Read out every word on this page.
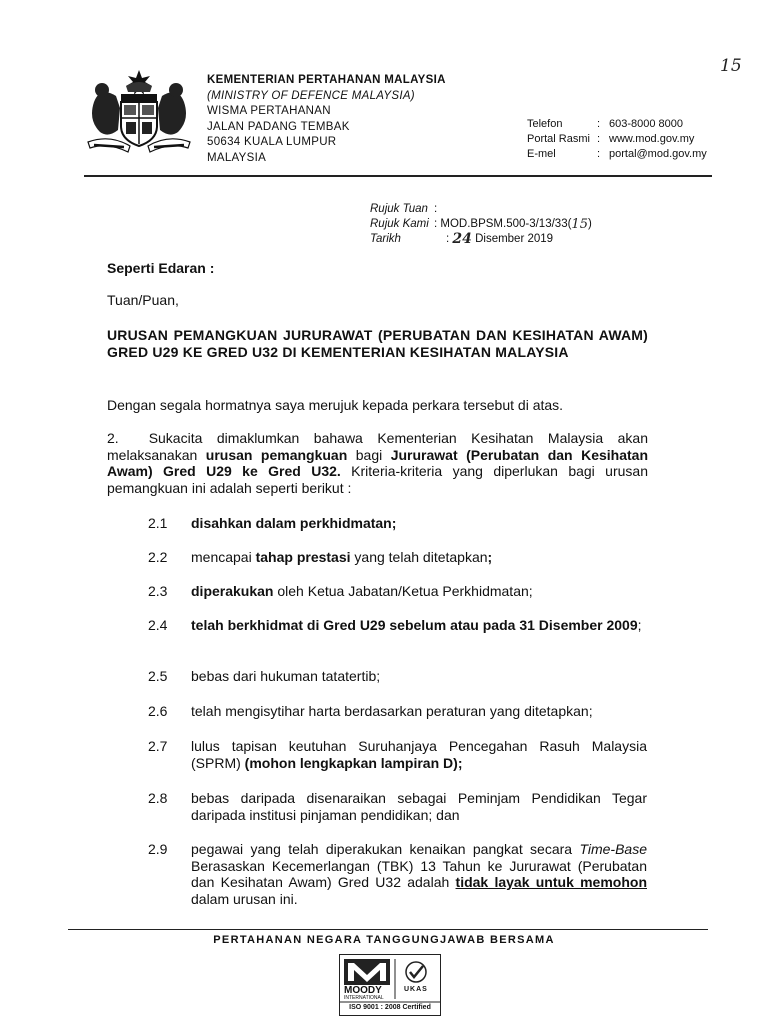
15
KEMENTERIAN PERTAHANAN MALAYSIA
(MINISTRY OF DEFENCE MALAYSIA)
WISMA PERTAHANAN
JALAN PADANG TEMBAK
50634 KUALA LUMPUR
MALAYSIA
Telefon	: 603-8000 8000
Portal Rasmi : www.mod.gov.my
E-mel	: portal@mod.gov.my
Rujuk Tuan :
Rujuk Kami : MOD.BPSM.500-3/13/33( 15 )
Tarikh	: 24
Disember 2019
Seperti Edaran :
Tuan/Puan,
URUSAN PEMANGKUAN JURURAWAT (PERUBATAN DAN KESIHATAN AWAM) GRED U29 KE GRED U32 DI KEMENTERIAN KESIHATAN MALAYSIA
Dengan segala hormatnya saya merujuk kepada perkara tersebut di atas.
2. Sukacita dimaklumkan bahawa Kementerian Kesihatan Malaysia akan melaksanakan urusan pemangkuan bagi Jururawat (Perubatan dan Kesihatan Awam) Gred U29 ke Gred U32. Kriteria-kriteria yang diperlukan bagi urusan pemangkuan ini adalah seperti berikut :
2.1 disahkan dalam perkhidmatan;
2.2 mencapai tahap prestasi yang telah ditetapkan;
2.3 diperakukan oleh Ketua Jabatan/Ketua Perkhidmatan;
2.4 telah berkhidmat di Gred U29 sebelum atau pada 31 Disember 2009;
2.5 bebas dari hukuman tatatertib;
2.6 telah mengisytihar harta berdasarkan peraturan yang ditetapkan;
2.7 lulus tapisan keutuhan Suruhanjaya Pencegahan Rasuh Malaysia (SPRM) (mohon lengkapkan lampiran D);
2.8 bebas daripada disenaraikan sebagai Peminjam Pendidikan Tegar daripada institusi pinjaman pendidikan; dan
2.9 pegawai yang telah diperakukan kenaikan pangkat secara Time-Base Berasaskan Kecemerlangan (TBK) 13 Tahun ke Jururawat (Perubatan dan Kesihatan Awam) Gred U32 adalah tidak layak untuk memohon dalam urusan ini.
PERTAHANAN NEGARA TANGGUNGJAWAB BERSAMA
MOODY
INTERNATIONAL
UKAS
ISO 9001 : 2008 Certified
